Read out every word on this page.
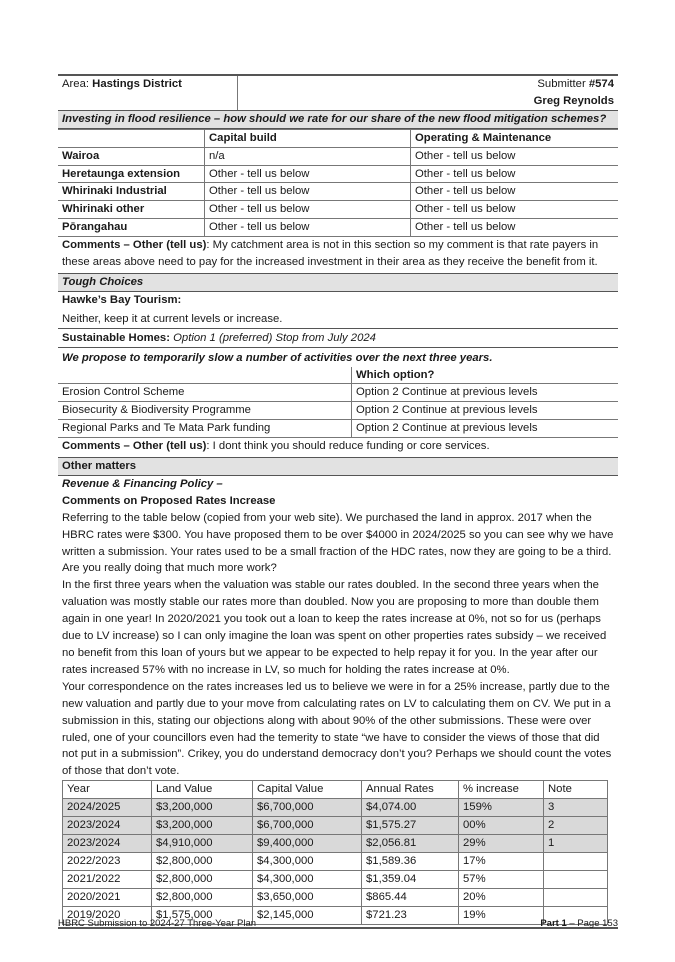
Area: Hastings District	Submitter #574
Greg Reynolds
Investing in flood resilience – how should we rate for our share of the new flood mitigation schemes?
	Capital build	Operating & Maintenance
Wairoa	n/a	Other - tell us below
Heretaunga extension	Other - tell us below	Other - tell us below
Whirinaki Industrial	Other - tell us below	Other - tell us below
Whirinaki other	Other - tell us below	Other - tell us below
Pōrangahau	Other - tell us below	Other - tell us below
Comments – Other (tell us): My catchment area is not in this section so my comment is that rate payers in these areas above need to pay for the increased investment in their area as they receive the benefit from it.
Tough Choices
Hawke’s Bay Tourism:
Neither, keep it at current levels or increase.
Sustainable Homes: Option 1 (preferred) Stop from July 2024
We propose to temporarily slow a number of activities over the next three years.
	Which option?
Erosion Control Scheme	Option 2 Continue at previous levels
Biosecurity & Biodiversity Programme	Option 2 Continue at previous levels
Regional Parks and Te Mata Park funding	Option 2 Continue at previous levels
Comments – Other (tell us): I dont think you should reduce funding or core services.
Other matters
Revenue & Financing Policy –
Comments on Proposed Rates Increase
Referring to the table below (copied from your web site). We purchased the land in approx. 2017 when the HBRC rates were $300. You have proposed them to be over $4000 in 2024/2025 so you can see why we have written a submission. Your rates used to be a small fraction of the HDC rates, now they are going to be a third. Are you really doing that much more work?
In the first three years when the valuation was stable our rates doubled. In the second three years when the valuation was mostly stable our rates more than doubled. Now you are proposing to more than double them again in one year! In 2020/2021 you took out a loan to keep the rates increase at 0%, not so for us (perhaps due to LV increase) so I can only imagine the loan was spent on other properties rates subsidy – we received no benefit from this loan of yours but we appear to be expected to help repay it for you. In the year after our rates increased 57% with no increase in LV, so much for holding the rates increase at 0%.
Your correspondence on the rates increases led us to believe we were in for a 25% increase, partly due to the new valuation and partly due to your move from calculating rates on LV to calculating them on CV. We put in a submission in this, stating our objections along with about 90% of the other submissions. These were over ruled, one of your councillors even had the temerity to state “we have to consider the views of those that did not put in a submission”. Crikey, you do understand democracy don’t you? Perhaps we should count the votes of those that don’t vote.
Year	Land Value	Capital Value	Annual Rates	% increase	Note
2024/2025	$3,200,000	$6,700,000	$4,074.00	159%	3
2023/2024	$3,200,000	$6,700,000	$1,575.27	00%	2
2023/2024	$4,910,000	$9,400,000	$2,056.81	29%	1
2022/2023	$2,800,000	$4,300,000	$1,589.36	17%	
2021/2022	$2,800,000	$4,300,000	$1,359.04	57%	
2020/2021	$2,800,000	$3,650,000	$865.44	20%	
2019/2020	$1,575,000	$2,145,000	$721.23	19%	
HBRC Submission to 2024-27 Three-Year Plan	Part 1 – Page 153
